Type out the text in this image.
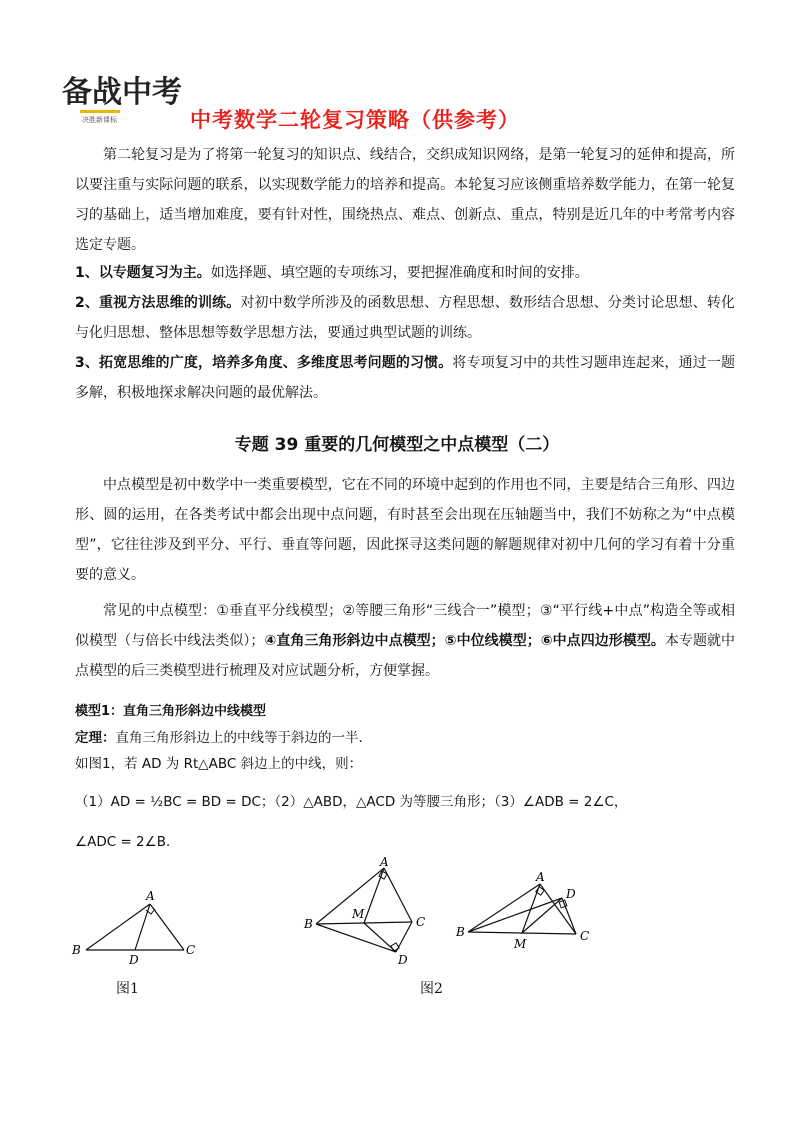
备战中考
决胜新课标	中考数学二轮复习策略（供参考）

第二轮复习是为了将第一轮复习的知识点、线结合，交织成知识网络，是第一轮复习的延伸和提高，所以要注重与实际问题的联系，以实现数学能力的培养和提高。本轮复习应该侧重培养数学能力，在第一轮复习的基础上，适当增加难度，要有针对性，围绕热点、难点、创新点、重点，特别是近几年的中考常考内容选定专题。

1、以专题复习为主。如选择题、填空题的专项练习，要把握准确度和时间的安排。

2、重视方法思维的训练。对初中数学所涉及的函数思想、方程思想、数形结合思想、分类讨论思想、转化与化归思想、整体思想等数学思想方法，要通过典型试题的训练。

3、拓宽思维的广度，培养多角度、多维度思考问题的习惯。将专项复习中的共性习题串连起来，通过一题多解，积极地探求解决问题的最优解法。

专题 39 重要的几何模型之中点模型（二）

中点模型是初中数学中一类重要模型，它在不同的环境中起到的作用也不同，主要是结合三角形、四边形、圆的运用，在各类考试中都会出现中点问题，有时甚至会出现在压轴题当中，我们不妨称之为“中点模型”，它往往涉及到平分、平行、垂直等问题，因此探寻这类问题的解题规律对初中几何的学习有着十分重要的意义。

常见的中点模型：①垂直平分线模型；②等腰三角形“三线合一”模型；③“平行线+中点”构造全等或相似模型（与倍长中线法类似）；④直角三角形斜边中点模型；⑤中位线模型；⑥中点四边形模型。本专题就中点模型的后三类模型进行梳理及对应试题分析，方便掌握。

模型1：直角三角形斜边中线模型
定理：直角三角形斜边上的中线等于斜边的一半．
如图1，若 AD 为 Rt△ABC 斜边上的中线，则：
（1）AD = ½BC = BD = DC；（2）△ABD，△ACD 为等腰三角形；（3）∠ADB = 2∠C，
∠ADC = 2∠B．
A
B	C
D
图1
A
B	C
D
M
A
B	C
D
M
图2
